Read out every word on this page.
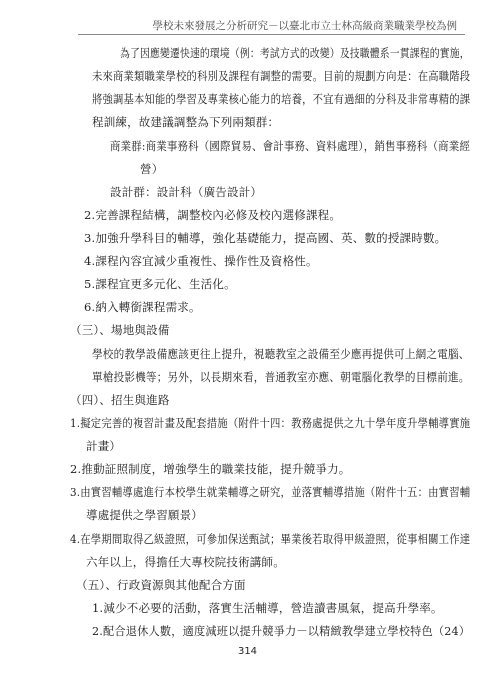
學校未來發展之分析研究－以臺北市立士林高級商業職業學校為例
為了因應變遷快速的環境（例：考試方式的改變）及技職體系一貫課程的實施，
未來商業類職業學校的科別及課程有調整的需要。目前的規劃方向是：在高職階段
將強調基本知能的學習及專業核心能力的培養，不宜有過細的分科及非常專精的課
程訓練，故建議調整為下列兩類群：
商業群:商業事務科（國際貿易、會計事務、資料處理），銷售事務科（商業經
營）
設計群：設計科（廣告設計）
2.完善課程結構，調整校內必修及校內選修課程。
3.加強升學科目的輔導，強化基礎能力，提高國、英、數的授課時數。
4.課程內容宜減少重複性、操作性及資格性。
5.課程宜更多元化、生活化。
6.納入轉銜課程需求。
（三）、場地與設備
學校的教學設備應該更往上提升，視聽教室之設備至少應再提供可上網之電腦、
單槍投影機等；另外，以長期來看，普通教室亦應、朝電腦化教學的目標前進。
（四）、招生與進路
1.擬定完善的複習計畫及配套措施（附件十四：教務處提供之九十學年度升學輔導實施
計畫）
2.推動証照制度，增強學生的職業技能，提升競爭力。
3.由實習輔導處進行本校學生就業輔導之研究，並落實輔導措施（附件十五：由實習輔
導處提供之學習願景）
4.在學期間取得乙級證照，可參加保送甄試；畢業後若取得甲級證照，從事相關工作達
六年以上，得擔任大專校院技術講師。
（五）、行政資源與其他配合方面
1.減少不必要的活動，落實生活輔導，營造讀書風氣，提高升學率。
2.配合退休人數，適度減班以提升競爭力－以精緻教學建立學校特色（24）
314
